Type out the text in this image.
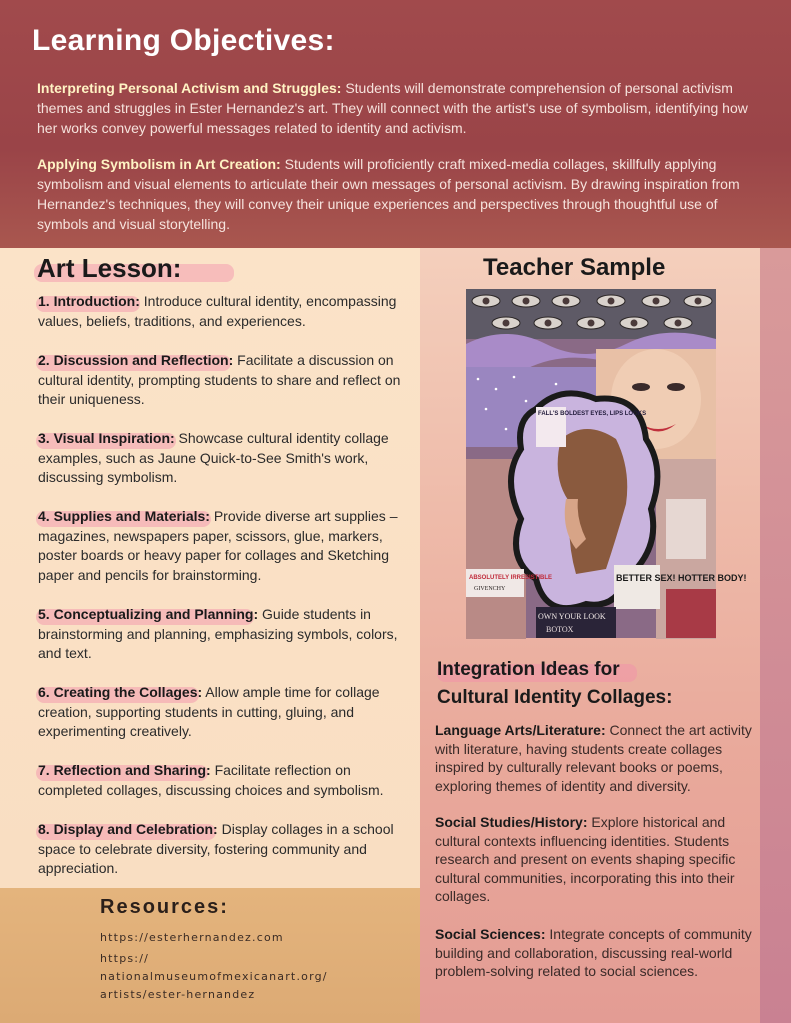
Learning Objectives:

Interpreting Personal Activism and Struggles: Students will demonstrate comprehension of personal activism themes and struggles in Ester Hernandez's art. They will connect with the artist's use of symbolism, identifying how her works convey powerful messages related to identity and activism.

Applying Symbolism in Art Creation: Students will proficiently craft mixed-media collages, skillfully applying symbolism and visual elements to articulate their own messages of personal activism. By drawing inspiration from Hernandez's techniques, they will convey their unique experiences and perspectives through thoughtful use of symbols and visual storytelling.

Art Lesson:

1. Introduction: Introduce cultural identity, encompassing values, beliefs, traditions, and experiences.

2. Discussion and Reflection: Facilitate a discussion on cultural identity, prompting students to share and reflect on their uniqueness.

3. Visual Inspiration: Showcase cultural identity collage examples, such as Jaune Quick-to-See Smith's work, discussing symbolism.

4. Supplies and Materials: Provide diverse art supplies – magazines, newspapers paper, scissors, glue, markers, poster boards or heavy paper for collages and Sketching paper and pencils for brainstorming.

5. Conceptualizing and Planning: Guide students in brainstorming and planning, emphasizing symbols, colors, and text.

6. Creating the Collages: Allow ample time for collage creation, supporting students in cutting, gluing, and experimenting creatively.

7. Reflection and Sharing: Facilitate reflection on completed collages, discussing choices and symbolism.

8. Display and Celebration: Display collages in a school space to celebrate diversity, fostering community and appreciation.

Resources:

https://esterhernandez.com

https://
nationalmuseumofmexicanart.org/
artists/ester-hernandez
Teacher Sample
FALL'S BOLDEST EYES, LIPS LOOKS
ABSOLUTELY IRRESISTIBLE
GIVENCHY
BETTER SEX! HOTTER BODY!
OWN YOUR LOOK
BOTOX
Integration Ideas for
Cultural Identity Collages:

Language Arts/Literature: Connect the art activity with literature, having students create collages inspired by culturally relevant books or poems, exploring themes of identity and diversity.

Social Studies/History: Explore historical and cultural contexts influencing identities. Students research and present on events shaping specific cultural communities, incorporating this into their collages.

Social Sciences: Integrate concepts of community building and collaboration, discussing real-world problem-solving related to social sciences.
